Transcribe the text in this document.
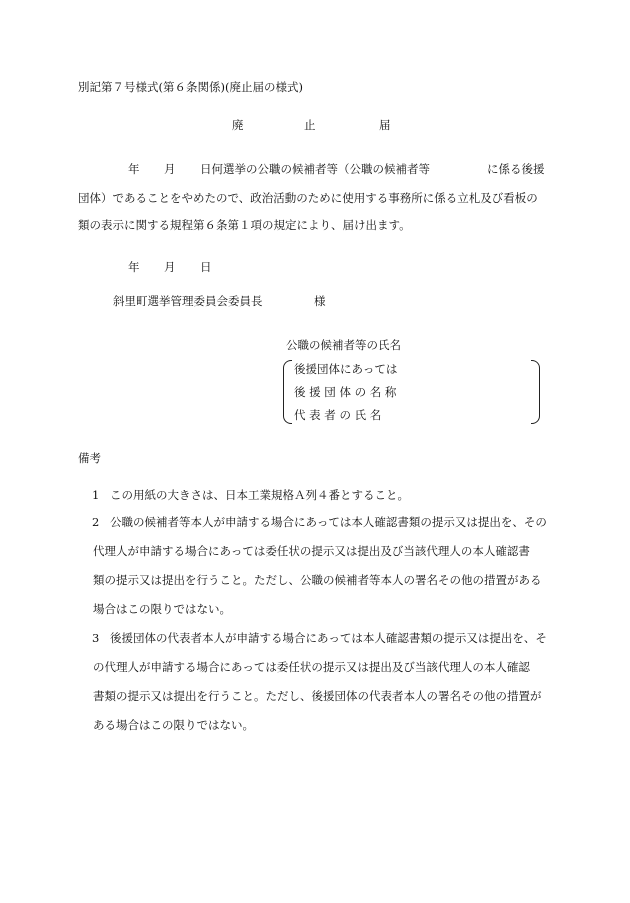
別記第７号様式(第６条関係)(廃止届の様式)
廃	止	届
年 月 日何選挙の公職の候補者等（公職の候補者等	に係る後援
団体）であることをやめたので、政治活動のために使用する事務所に係る立札及び看板の
類の表示に関する規程第６条第１項の規定により、届け出ます。
年 月 日
斜里町選挙管理委員会委員長	様
公職の候補者等の氏名
後援団体にあっては
後 援 団 体 の 名 称
代 表 者 の 氏 名
備考
1 この用紙の大きさは、日本工業規格Ａ列４番とすること。
2 公職の候補者等本人が申請する場合にあっては本人確認書類の提示又は提出を、その
代理人が申請する場合にあっては委任状の提示又は提出及び当該代理人の本人確認書
類の提示又は提出を行うこと。ただし、公職の候補者等本人の署名その他の措置がある
場合はこの限りではない。
3 後援団体の代表者本人が申請する場合にあっては本人確認書類の提示又は提出を、そ
の代理人が申請する場合にあっては委任状の提示又は提出及び当該代理人の本人確認
書類の提示又は提出を行うこと。ただし、後援団体の代表者本人の署名その他の措置が
ある場合はこの限りではない。
